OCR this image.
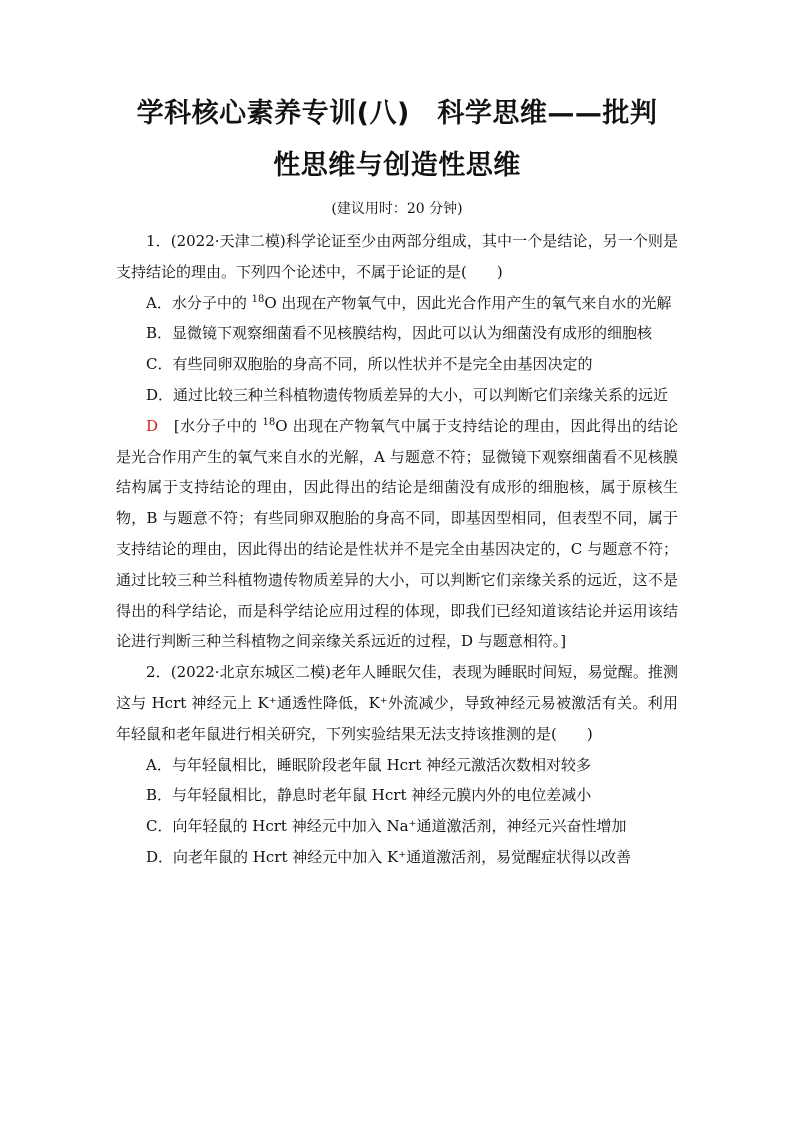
学科核心素养专训(八)　科学思维——批判
性思维与创造性思维
(建议用时：20 分钟)

1．(2022·天津二模)科学论证至少由两部分组成，其中一个是结论，另一个则是支持结论的理由。下列四个论述中，不属于论证的是(　　)

A．水分子中的 $^{18}$O 出现在产物氧气中，因此光合作用产生的氧气来自水的光解

B．显微镜下观察细菌看不见核膜结构，因此可以认为细菌没有成形的细胞核

C．有些同卵双胞胎的身高不同，所以性状并不是完全由基因决定的

D．通过比较三种兰科植物遗传物质差异的大小，可以判断它们亲缘关系的远近

D　[水分子中的 $^{18}$O 出现在产物氧气中属于支持结论的理由，因此得出的结论是光合作用产生的氧气来自水的光解，A 与题意不符；显微镜下观察细菌看不见核膜结构属于支持结论的理由，因此得出的结论是细菌没有成形的细胞核，属于原核生物，B 与题意不符；有些同卵双胞胎的身高不同，即基因型相同，但表型不同，属于支持结论的理由，因此得出的结论是性状并不是完全由基因决定的，C 与题意不符；通过比较三种兰科植物遗传物质差异的大小，可以判断它们亲缘关系的远近，这不是得出的科学结论，而是科学结论应用过程的体现，即我们已经知道该结论并运用该结论进行判断三种兰科植物之间亲缘关系远近的过程，D 与题意相符。]

2．(2022·北京东城区二模)老年人睡眠欠佳，表现为睡眠时间短，易觉醒。推测这与 Hcrt 神经元上 K⁺通透性降低，K⁺外流减少，导致神经元易被激活有关。利用年轻鼠和老年鼠进行相关研究，下列实验结果无法支持该推测的是(　　)

A．与年轻鼠相比，睡眠阶段老年鼠 Hcrt 神经元激活次数相对较多

B．与年轻鼠相比，静息时老年鼠 Hcrt 神经元膜内外的电位差减小

C．向年轻鼠的 Hcrt 神经元中加入 Na⁺通道激活剂，神经元兴奋性增加

D．向老年鼠的 Hcrt 神经元中加入 K⁺通道激活剂，易觉醒症状得以改善
